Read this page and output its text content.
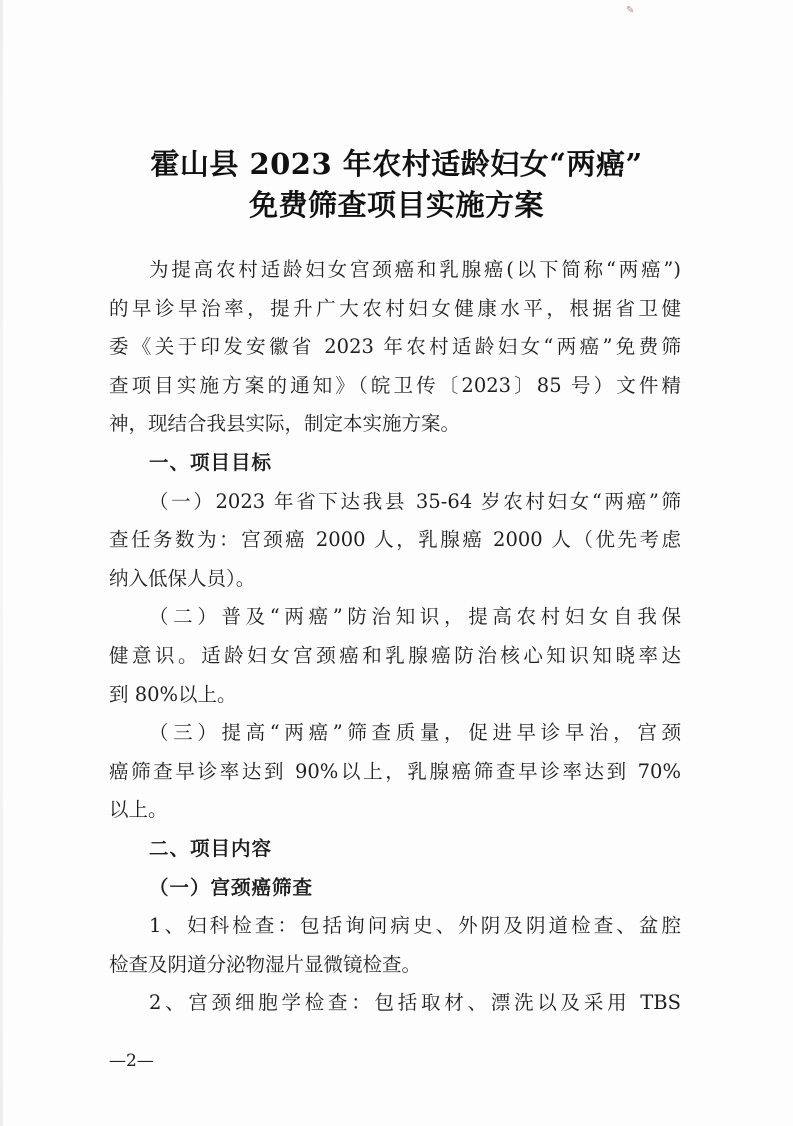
✎
霍山县 2023 年农村适龄妇女“两癌”
免费筛查项目实施方案
为提高农村适龄妇女宫颈癌和乳腺癌(以下简称“两癌”)
的早诊早治率，提升广大农村妇女健康水平，根据省卫健
委《关于印发安徽省 2023 年农村适龄妇女“两癌”免费筛
查项目实施方案的通知》（皖卫传〔2023〕85 号）文件精
神，现结合我县实际，制定本实施方案。
一、项目目标
（一）2023 年省下达我县 35-64 岁农村妇女“两癌”筛
查任务数为：宫颈癌 2000 人，乳腺癌 2000 人（优先考虑
纳入低保人员）。
（二）普及“两癌”防治知识，提高农村妇女自我保
健意识。适龄妇女宫颈癌和乳腺癌防治核心知识知晓率达
到 80%以上。
（三）提高“两癌”筛查质量，促进早诊早治，宫颈
癌筛查早诊率达到 90%以上，乳腺癌筛查早诊率达到 70%
以上。
二、项目内容
（一）宫颈癌筛查
1、妇科检查：包括询问病史、外阴及阴道检查、盆腔
检查及阴道分泌物湿片显微镜检查。
2、宫颈细胞学检查：包括取材、漂洗以及采用 TBS
—2—
